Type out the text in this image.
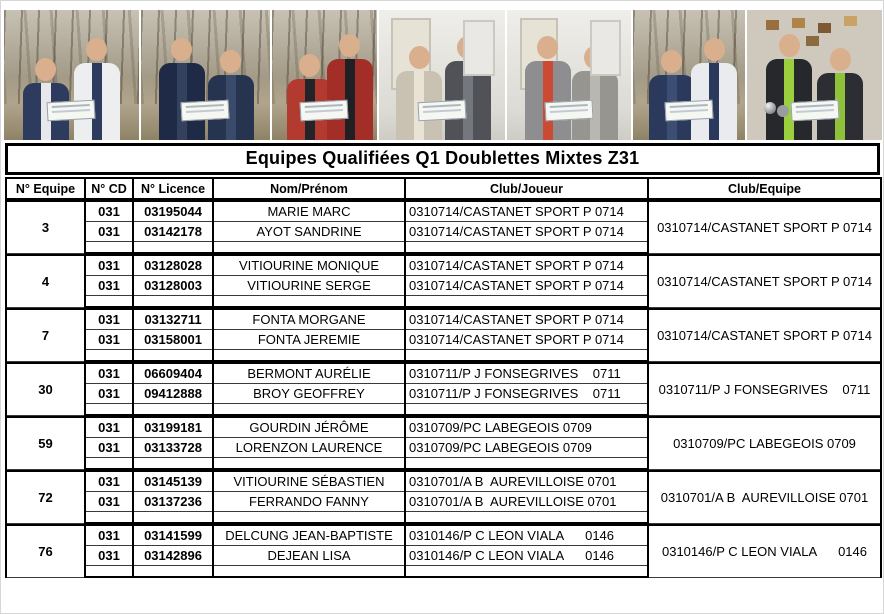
Equipes Qualifiées Q1 Doublettes Mixtes Z31
N° Equipe	N° CD	N° Licence	Nom/Prénom	Club/Joueur	Club/Equipe
3	031	03195044	MARIE MARC	0310714/CASTANET SPORT P 0714	0310714/CASTANET SPORT P 0714
	031	03142178	AYOT SANDRINE	0310714/CASTANET SPORT P 0714	

4	031	03128028	VITIOURINE MONIQUE	0310714/CASTANET SPORT P 0714	0310714/CASTANET SPORT P 0714
	031	03128003	VITIOURINE SERGE	0310714/CASTANET SPORT P 0714	

7	031	03132711	FONTA MORGANE	0310714/CASTANET SPORT P 0714	0310714/CASTANET SPORT P 0714
	031	03158001	FONTA JEREMIE	0310714/CASTANET SPORT P 0714	

30	031	06609404	BERMONT AURÉLIE	0310711/P J FONSEGRIVES    0711	0310711/P J FONSEGRIVES    0711
	031	09412888	BROY GEOFFREY	0310711/P J FONSEGRIVES    0711	

59	031	03199181	GOURDIN JÉRÔME	0310709/PC LABEGEOIS 0709	0310709/PC LABEGEOIS 0709
	031	03133728	LORENZON LAURENCE	0310709/PC LABEGEOIS 0709	

72	031	03145139	VITIOURINE SÉBASTIEN	0310701/A B  AUREVILLOISE 0701	0310701/A B  AUREVILLOISE 0701
	031	03137236	FERRANDO FANNY	0310701/A B  AUREVILLOISE 0701	

76	031	03141599	DELCUNG JEAN-BAPTISTE	0310146/P C LEON VIALA      0146	0310146/P C LEON VIALA      0146
	031	03142896	DEJEAN LISA	0310146/P C LEON VIALA      0146	
